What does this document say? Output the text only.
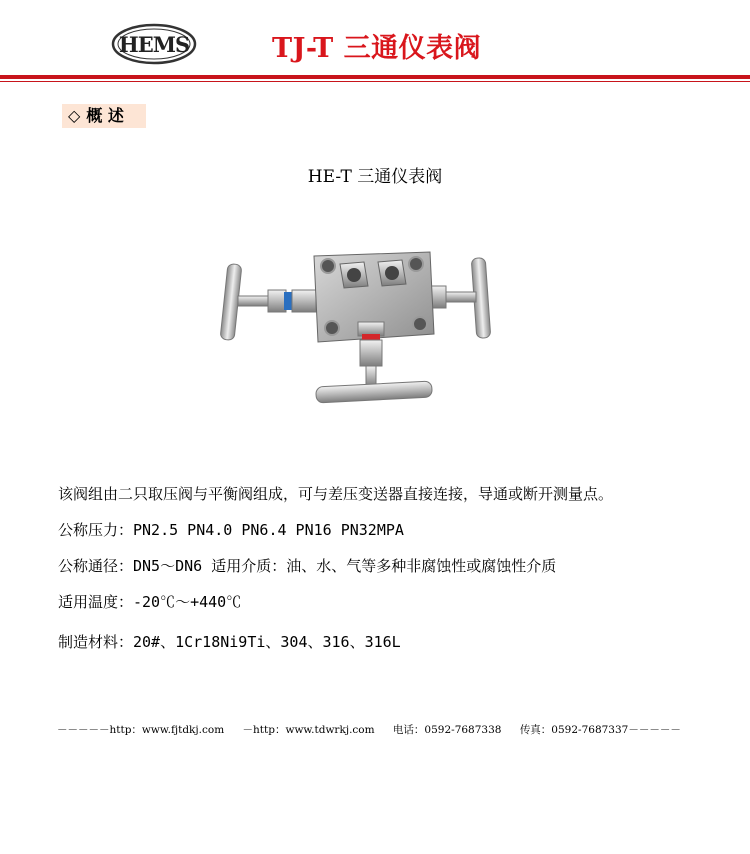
HEMS	TJ-T 三通仪表阀
◇ 概 述
HE-T 三通仪表阀
该阀组由二只取压阀与平衡阀组成，可与差压变送器直接连接，导通或断开测量点。
公称压力：PN2.5 PN4.0 PN6.4 PN16 PN32MPA
公称通径：DN5～DN6 适用介质：油、水、气等多种非腐蚀性或腐蚀性介质
适用温度：-20℃～+440℃
制造材料：20#、1Cr18Ni9Ti、304、316、316L
－－－－－http：www.fjtdkj.com －http：www.tdwrkj.com 电话：0592-7687338 传真：0592-7687337－－－－－
